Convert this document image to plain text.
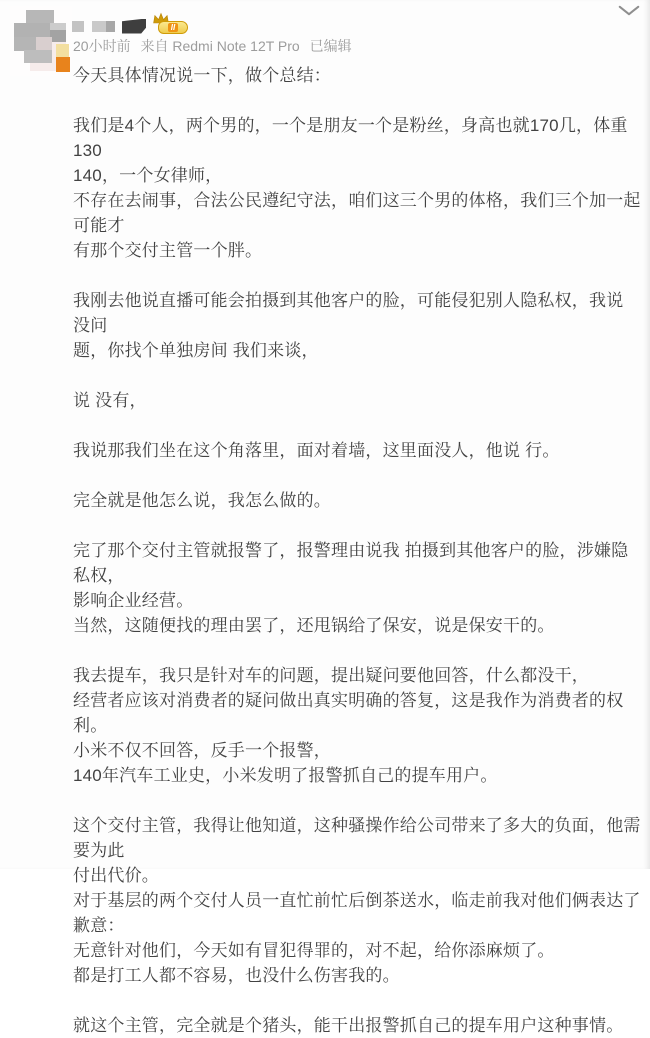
II
20小时前 来自 Redmi Note 12T Pro 已编辑
今天具体情况说一下，做个总结：
我们是4个人，两个男的，一个是朋友一个是粉丝，身高也就170几，体重130
140，一个女律师，
不存在去闹事，合法公民遵纪守法，咱们这三个男的体格，我们三个加一起可能才
有那个交付主管一个胖。
我刚去他说直播可能会拍摄到其他客户的脸，可能侵犯别人隐私权，我说 没问
题，你找个单独房间 我们来谈，
说 没有，
我说那我们坐在这个角落里，面对着墙，这里面没人，他说 行。
完全就是他怎么说，我怎么做的。
完了那个交付主管就报警了，报警理由说我 拍摄到其他客户的脸，涉嫌隐私权，
影响企业经营。
当然，这随便找的理由罢了，还甩锅给了保安，说是保安干的。
我去提车，我只是针对车的问题，提出疑问要他回答，什么都没干，
经营者应该对消费者的疑问做出真实明确的答复，这是我作为消费者的权利。
小米不仅不回答，反手一个报警，
140年汽车工业史，小米发明了报警抓自己的提车用户。
这个交付主管，我得让他知道，这种骚操作给公司带来了多大的负面，他需要为此
付出代价。
对于基层的两个交付人员一直忙前忙后倒茶送水，临走前我对他们俩表达了歉意：
无意针对他们，今天如有冒犯得罪的，对不起，给你添麻烦了。
都是打工人都不容易，也没什么伤害我的。
就这个主管，完全就是个猪头，能干出报警抓自己的提车用户这种事情。
